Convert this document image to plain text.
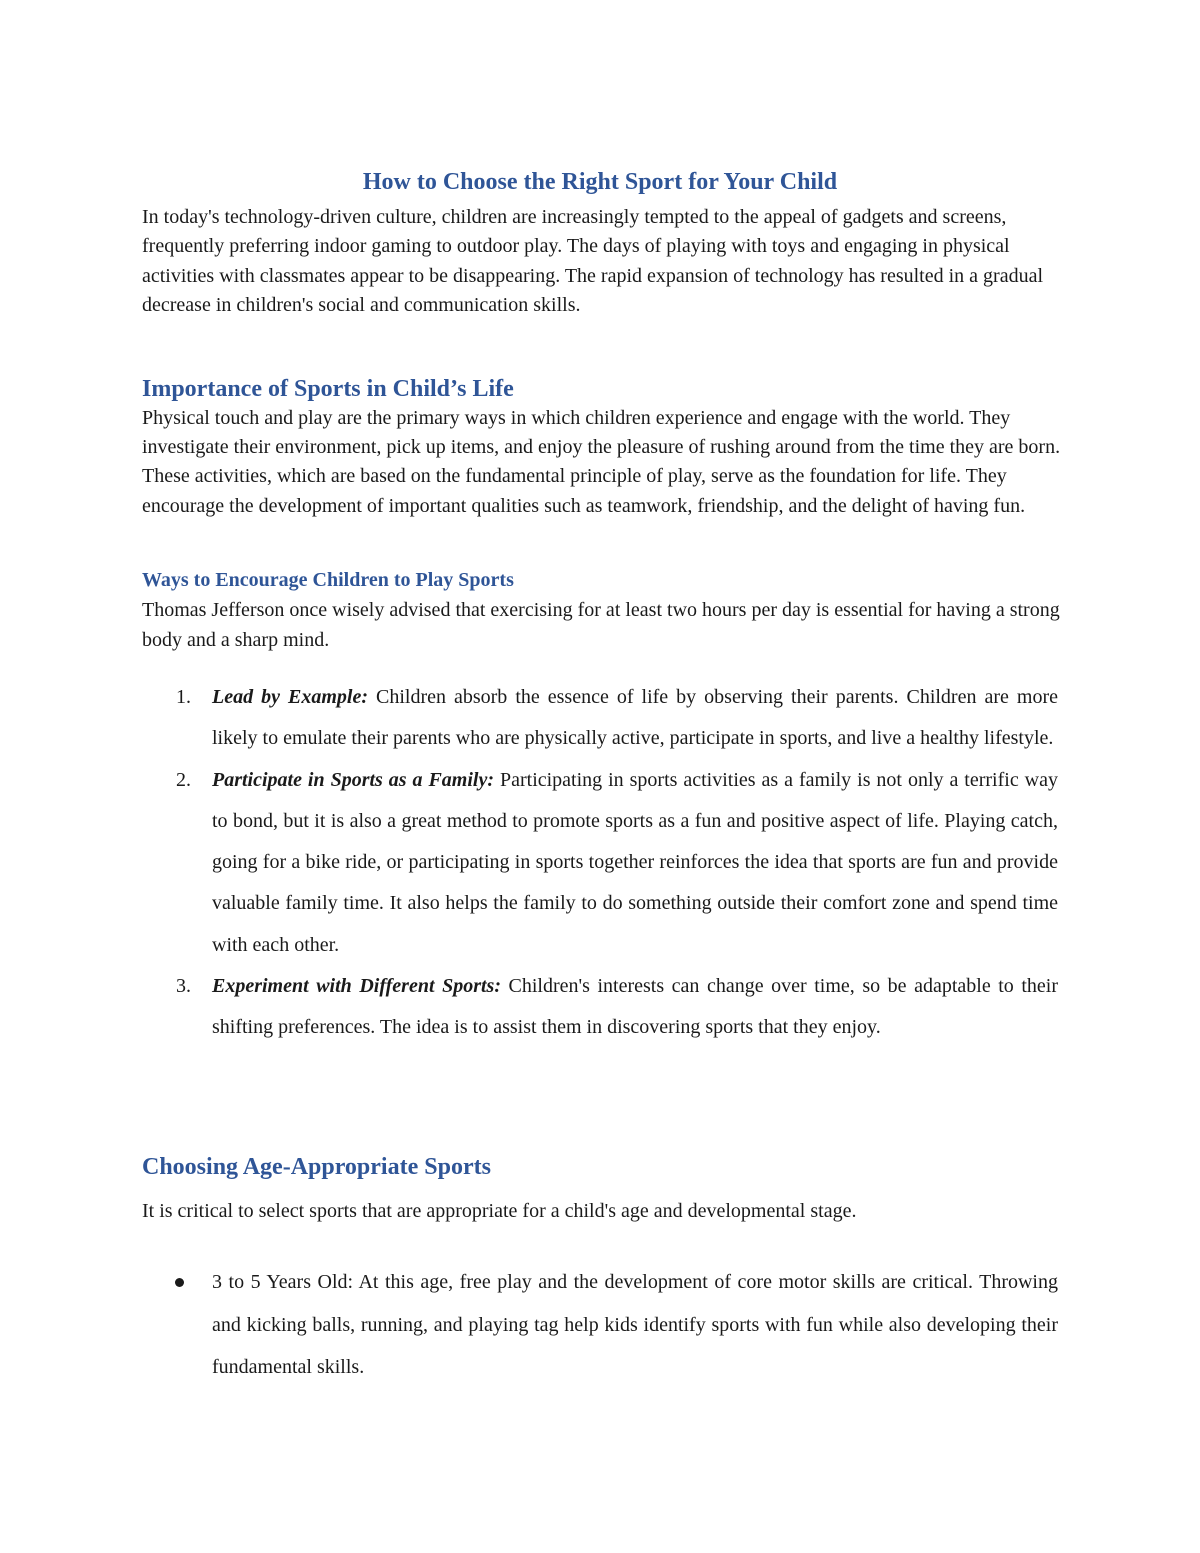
How to Choose the Right Sport for Your Child

In today's technology-driven culture, children are increasingly tempted to the appeal of gadgets and screens, frequently preferring indoor gaming to outdoor play. The days of playing with toys and engaging in physical activities with classmates appear to be disappearing. The rapid expansion of technology has resulted in a gradual decrease in children's social and communication skills.

Importance of Sports in Child’s Life

Physical touch and play are the primary ways in which children experience and engage with the world. They investigate their environment, pick up items, and enjoy the pleasure of rushing around from the time they are born. These activities, which are based on the fundamental principle of play, serve as the foundation for life. They encourage the development of important qualities such as teamwork, friendship, and the delight of having fun.

Ways to Encourage Children to Play Sports

Thomas Jefferson once wisely advised that exercising for at least two hours per day is essential for having a strong body and a sharp mind.

1. Lead by Example: Children absorb the essence of life by observing their parents. Children are more likely to emulate their parents who are physically active, participate in sports, and live a healthy lifestyle.
2. Participate in Sports as a Family: Participating in sports activities as a family is not only a terrific way to bond, but it is also a great method to promote sports as a fun and positive aspect of life. Playing catch, going for a bike ride, or participating in sports together reinforces the idea that sports are fun and provide valuable family time. It also helps the family to do something outside their comfort zone and spend time with each other.
3. Experiment with Different Sports: Children's interests can change over time, so be adaptable to their shifting preferences. The idea is to assist them in discovering sports that they enjoy.
Choosing Age-Appropriate Sports

It is critical to select sports that are appropriate for a child's age and developmental stage.

3 to 5 Years Old: At this age, free play and the development of core motor skills are critical. Throwing and kicking balls, running, and playing tag help kids identify sports with fun while also developing their fundamental skills.
